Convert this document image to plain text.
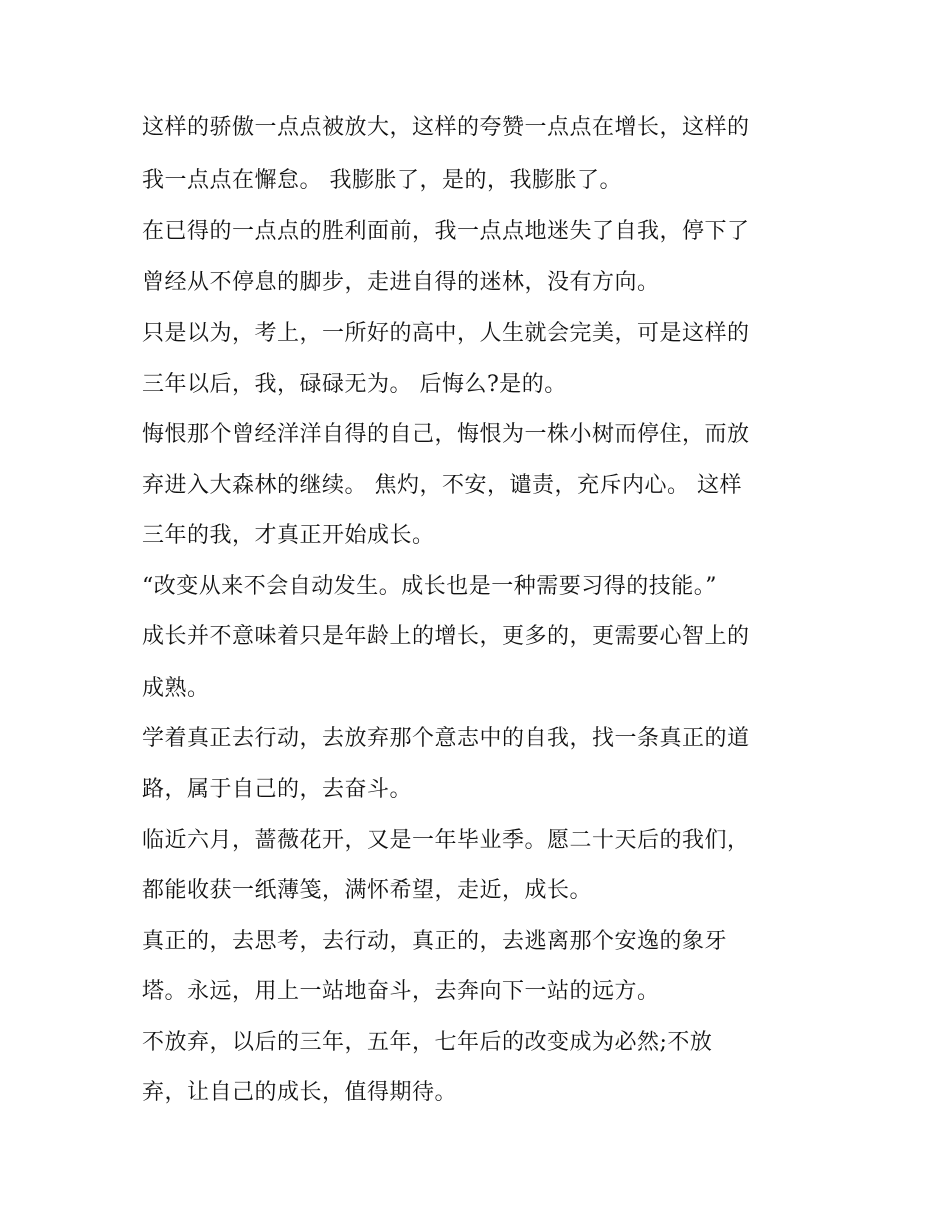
这样的骄傲一点点被放大，这样的夸赞一点点在增长，这样的
我一点点在懈怠。 我膨胀了，是的，我膨胀了。
在已得的一点点的胜利面前，我一点点地迷失了自我，停下了
曾经从不停息的脚步，走进自得的迷林，没有方向。
只是以为，考上，一所好的高中，人生就会完美，可是这样的
三年以后，我，碌碌无为。 后悔么?是的。
悔恨那个曾经洋洋自得的自己，悔恨为一株小树而停住，而放
弃进入大森林的继续。 焦灼，不安，谴责，充斥内心。 这样
三年的我，才真正开始成长。
“改变从来不会自动发生。成长也是一种需要习得的技能。”
成长并不意味着只是年龄上的增长，更多的，更需要心智上的
成熟。
学着真正去行动，去放弃那个意志中的自我，找一条真正的道
路，属于自己的，去奋斗。
临近六月，蔷薇花开，又是一年毕业季。愿二十天后的我们，
都能收获一纸薄笺，满怀希望，走近，成长。
真正的，去思考，去行动，真正的，去逃离那个安逸的象牙
塔。永远，用上一站地奋斗，去奔向下一站的远方。
不放弃，以后的三年，五年，七年后的改变成为必然;不放
弃，让自己的成长，值得期待。
